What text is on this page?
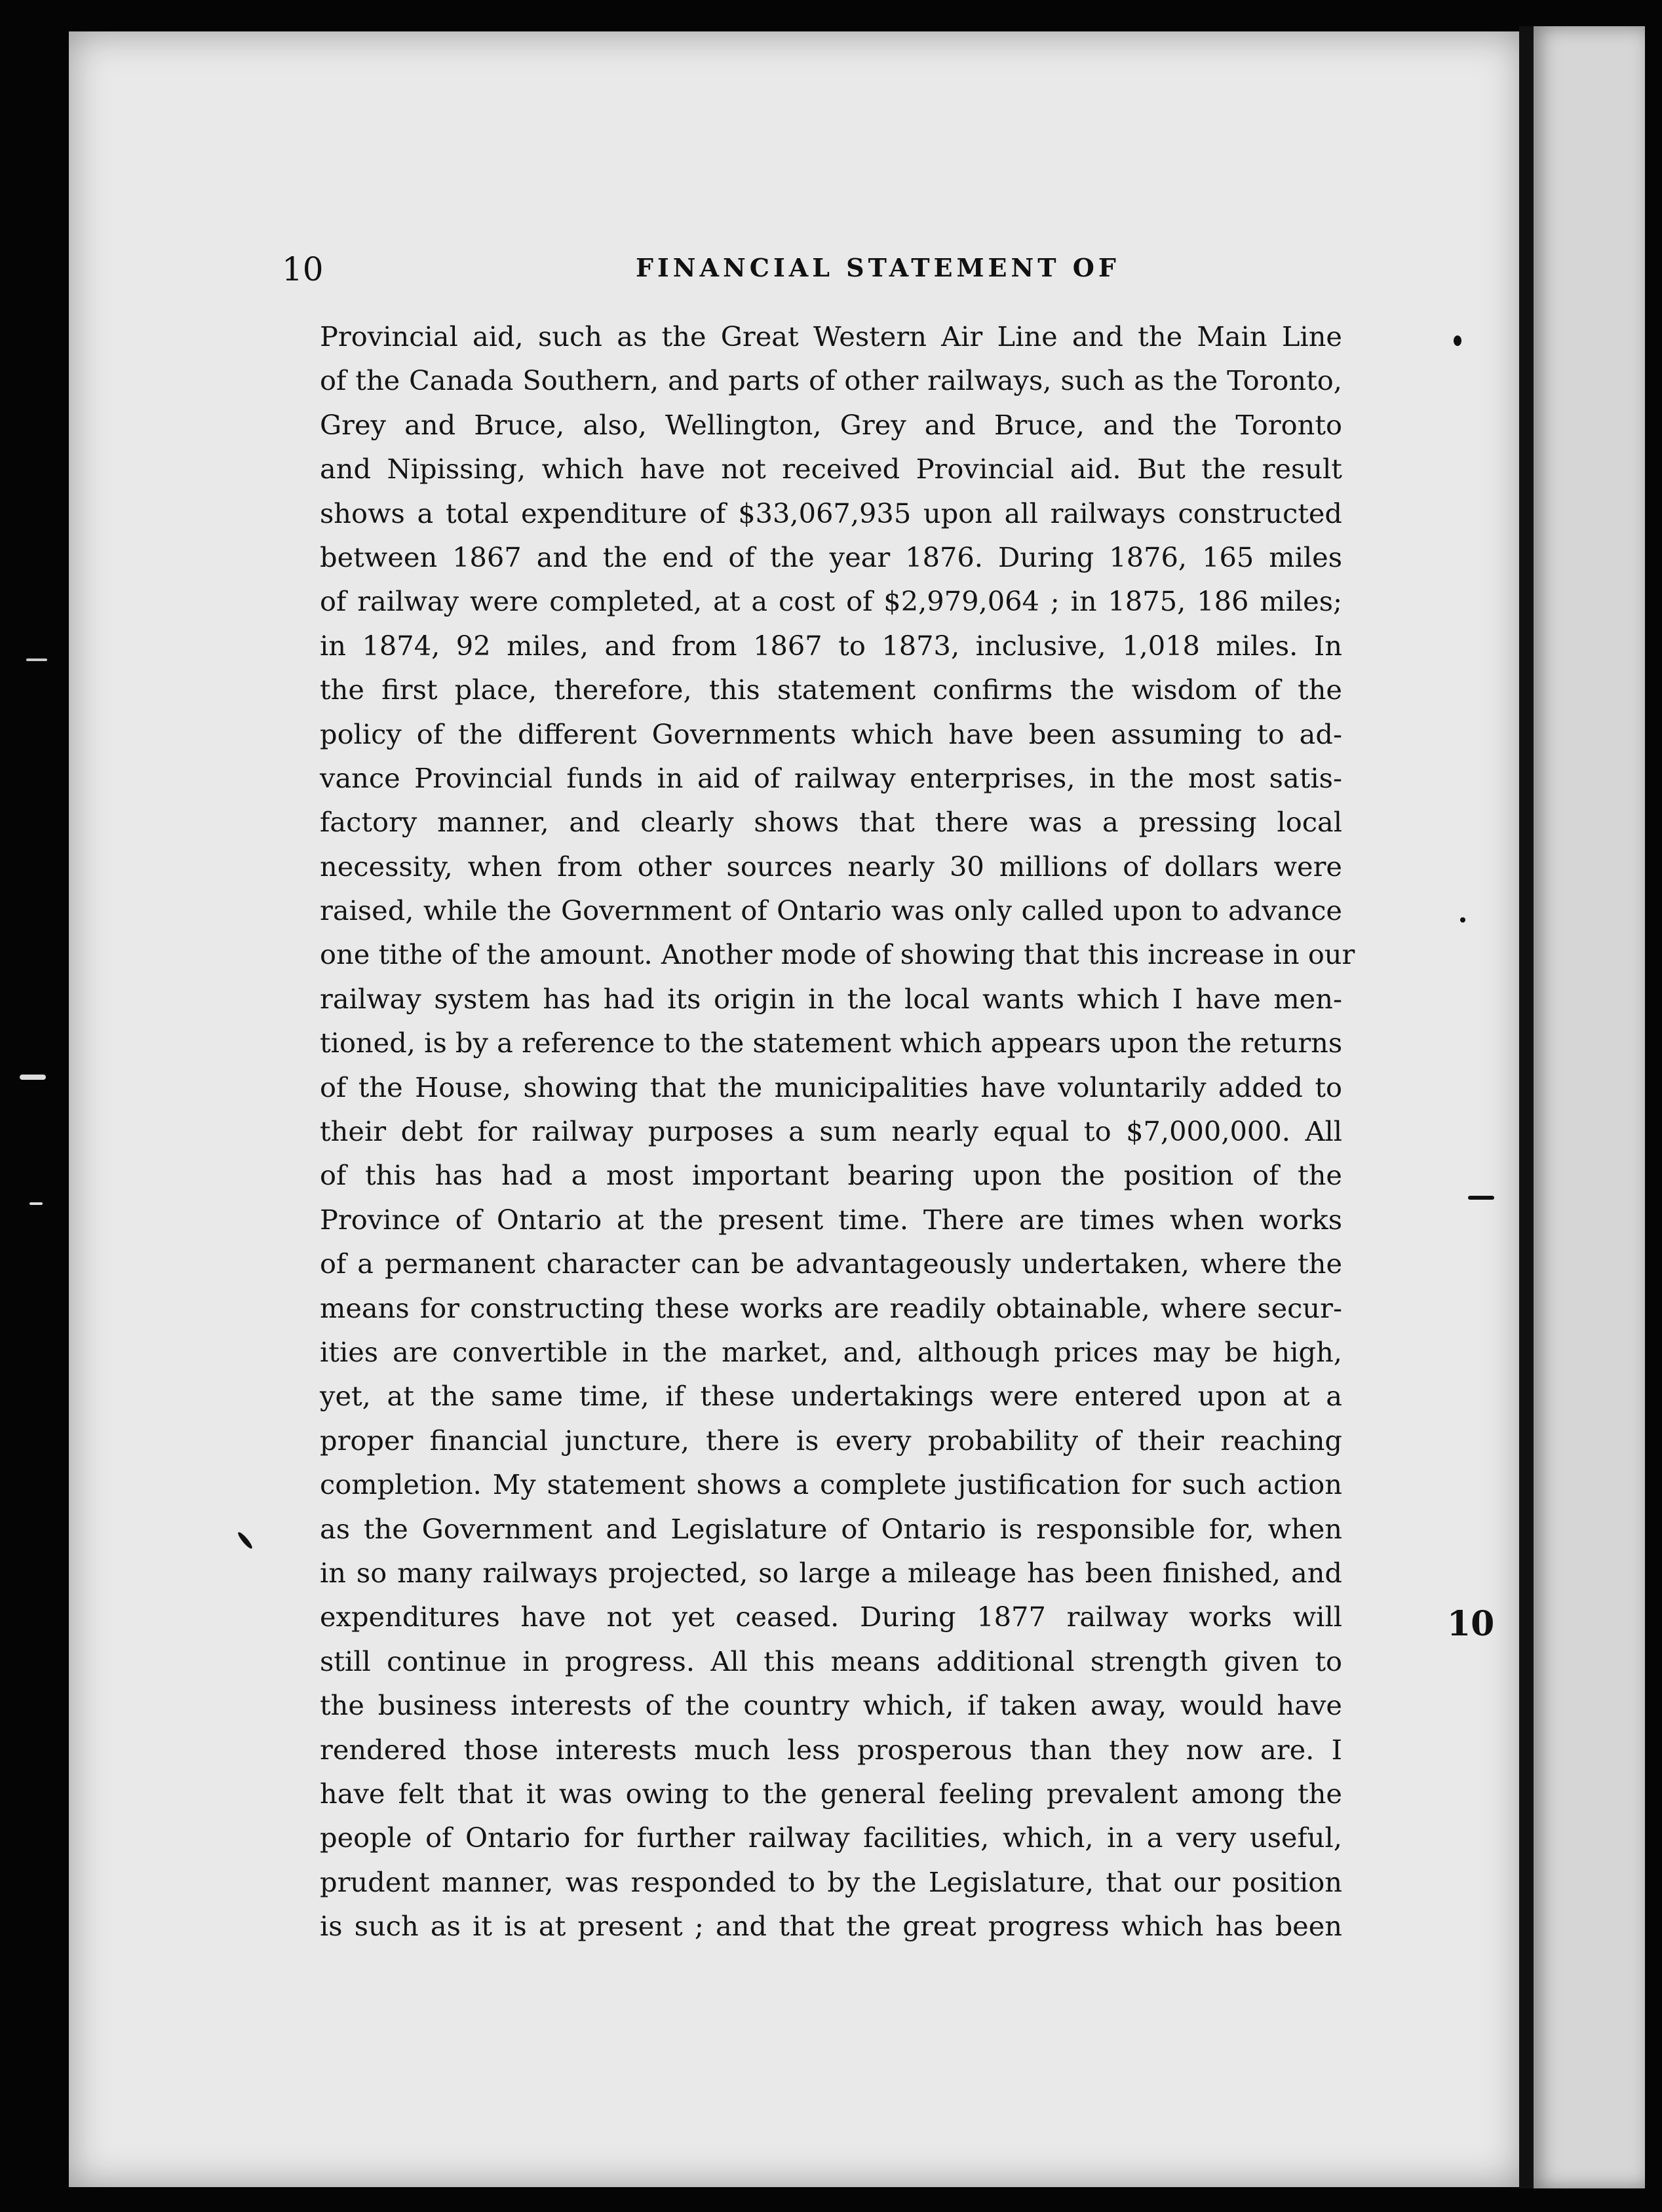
10	FINANCIAL STATEMENT OF
Provincial aid, such as the Great Western Air Line and the Main Line
of the Canada Southern, and parts of other railways, such as the Toronto,
Grey and Bruce, also, Wellington, Grey and Bruce, and the Toronto
and Nipissing, which have not received Provincial aid. But the result
shows a total expenditure of $33,067,935 upon all railways constructed
between 1867 and the end of the year 1876. During 1876, 165 miles
of railway were completed, at a cost of $2,979,064 ; in 1875, 186 miles;
in 1874, 92 miles, and from 1867 to 1873, inclusive, 1,018 miles. In
the first place, therefore, this statement confirms the wisdom of the
policy of the different Governments which have been assuming to ad-
vance Provincial funds in aid of railway enterprises, in the most satis-
factory manner, and clearly shows that there was a pressing local
necessity, when from other sources nearly 30 millions of dollars were
raised, while the Government of Ontario was only called upon to advance
one tithe of the amount. Another mode of showing that this increase in our
railway system has had its origin in the local wants which I have men-
tioned, is by a reference to the statement which appears upon the returns
of the House, showing that the municipalities have voluntarily added to
their debt for railway purposes a sum nearly equal to $7,000,000. All
of this has had a most important bearing upon the position of the
Province of Ontario at the present time. There are times when works
of a permanent character can be advantageously undertaken, where the
means for constructing these works are readily obtainable, where secur-
ities are convertible in the market, and, although prices may be high,
yet, at the same time, if these undertakings were entered upon at a
proper financial juncture, there is every probability of their reaching
completion. My statement shows a complete justification for such action
as the Government and Legislature of Ontario is responsible for, when
in so many railways projected, so large a mileage has been finished, and
expenditures have not yet ceased. During 1877 railway works will
still continue in progress. All this means additional strength given to
the business interests of the country which, if taken away, would have
rendered those interests much less prosperous than they now are. I
have felt that it was owing to the general feeling prevalent among the
people of Ontario for further railway facilities, which, in a very useful,
prudent manner, was responded to by the Legislature, that our position
is such as it is at present ; and that the great progress which has been
10
